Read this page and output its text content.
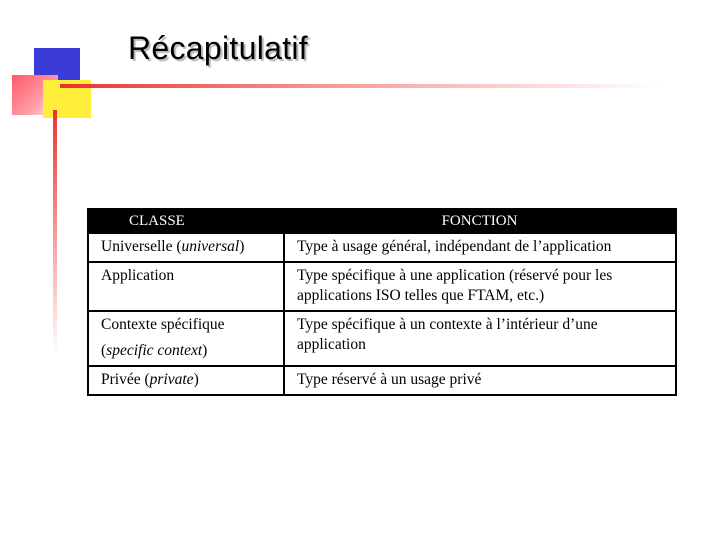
Récapitulatif
CLASSE	FONCTION
Universelle (universal)	Type à usage général, indépendant de l’application
Application	Type spécifique à une application (réservé pour les
applications ISO telles que FTAM, etc.)
Contexte spécifique
(specific context)	Type spécifique à un contexte à l’intérieur d’une
application
Privée (private)	Type réservé à un usage privé
